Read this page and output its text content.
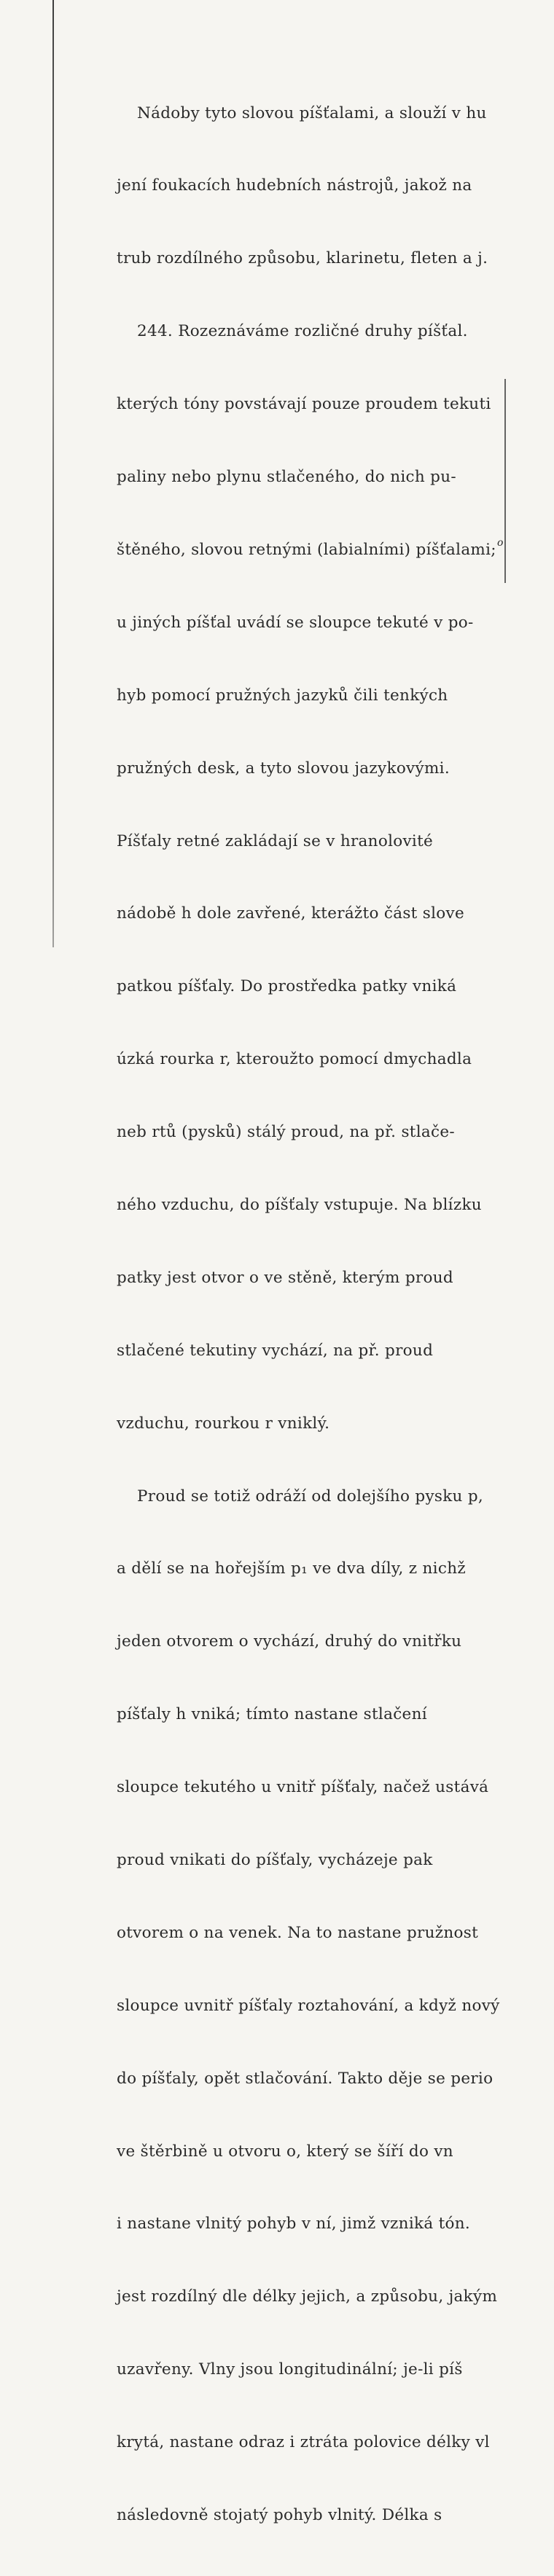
Nádoby tyto slovou píšťalami, a slouží v hu

jení foukacích hudebních nástrojů, jakož na

trub rozdílného způsobu, klarinetu, fleten a j.

244. Rozeznáváme rozličné druhy píšťal.

kterých tóny povstávají pouze proudem tekuti

paliny nebo plynu stlačeného, do nich pu-

štěného, slovou retnými (labialními) píšťalami;

u jiných píšťal uvádí se sloupce tekuté v po-

hyb pomocí pružných jazyků čili tenkých

pružných desk, a tyto slovou jazykovými.

Píšťaly retné zakládají se v hranolovité

nádobě h dole zavřené, kterážto část slove

patkou píšťaly. Do prostředka patky vniká

úzká rourka r, kteroužto pomocí dmychadla

neb rtů (pysků) stálý proud, na př. stlače-

ného vzduchu, do píšťaly vstupuje. Na blízku

patky jest otvor o ve stěně, kterým proud

stlačené tekutiny vychází, na př. proud

vzduchu, rourkou r vniklý.

Proud se totiž odráží od dolejšího pysku p,

a dělí se na hořejším p₁ ve dva díly, z nichž

jeden otvorem o vychází, druhý do vnitřku

píšťaly h vniká; tímto nastane stlačení

sloupce tekutého u vnitř píšťaly, načež ustává

proud vnikati do píšťaly, vycházeje pak

otvorem o na venek. Na to nastane pružnost

sloupce uvnitř píšťaly roztahování, a když nový

do píšťaly, opět stlačování. Takto děje se perio

ve štěrbině u otvoru o, který se šíří do vn

i nastane vlnitý pohyb v ní, jimž vzniká tón.

jest rozdílný dle délky jejich, a způsobu, jakým

uzavřeny. Vlny jsou longitudinální; je-li píš

krytá, nastane odraz i ztráta polovice délky vl

následovně stojatý pohyb vlnitý. Délka s

o
